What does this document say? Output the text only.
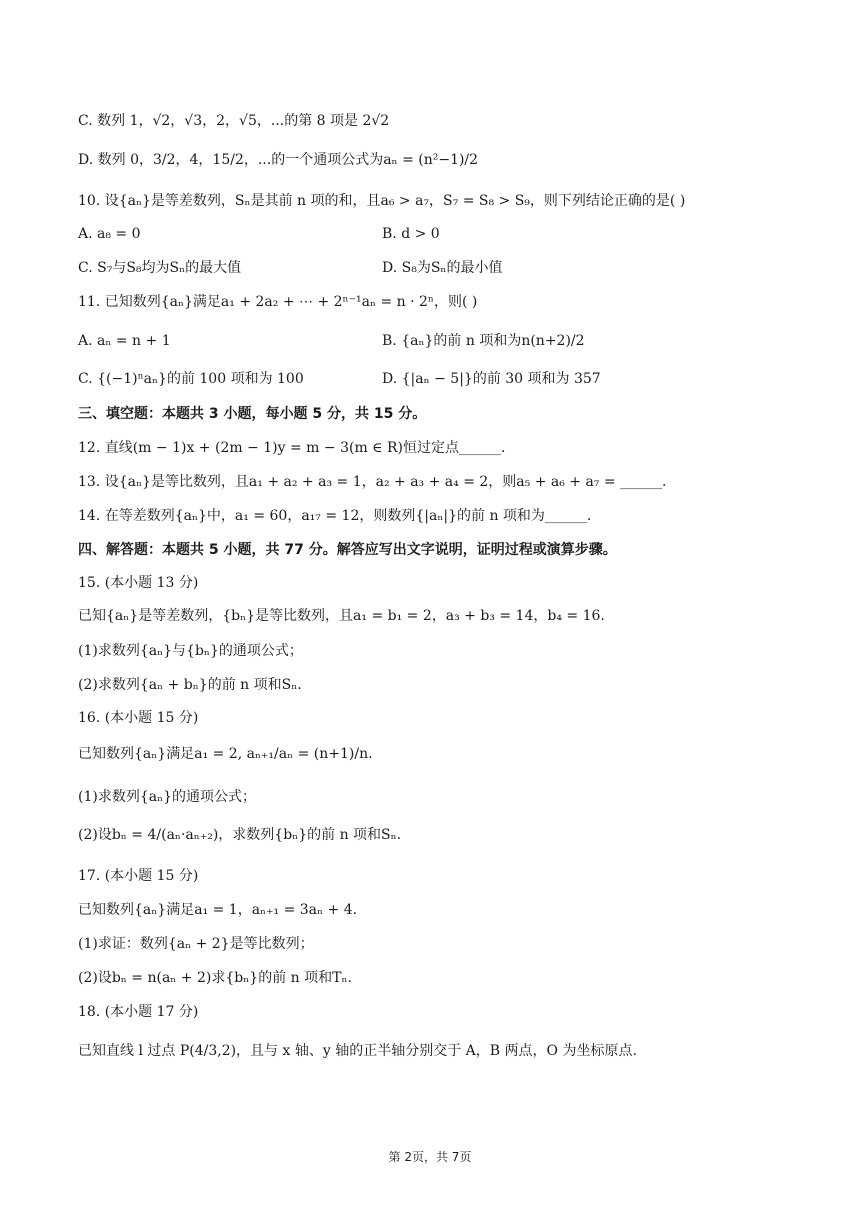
C. 数列 1，√2，√3，2，√5，...的第 8 项是 2√2
D. 数列 0，3/2，4，15/2，...的一个通项公式为aₙ = (n²−1)/2
10. 设{aₙ}是等差数列，Sₙ是其前 n 项的和，且a₆ > a₇，S₇ = S₈ > S₉，则下列结论正确的是( )
A. a₈ = 0	B. d > 0
C. S₇与S₈均为Sₙ的最大值	D. S₈为Sₙ的最小值
11. 已知数列{aₙ}满足a₁ + 2a₂ + ⋯ + 2ⁿ⁻¹aₙ = n · 2ⁿ，则( )
A. aₙ = n + 1	B. {aₙ}的前 n 项和为n(n+2)/2
C. {(−1)ⁿaₙ}的前 100 项和为 100	D. {|aₙ − 5|}的前 30 项和为 357
三、填空题：本题共 3 小题，每小题 5 分，共 15 分。
12. 直线(m − 1)x + (2m − 1)y = m − 3(m ∈ R)恒过定点______.
13. 设{aₙ}是等比数列，且a₁ + a₂ + a₃ = 1，a₂ + a₃ + a₄ = 2，则a₅ + a₆ + a₇ = ______.
14. 在等差数列{aₙ}中，a₁ = 60，a₁₇ = 12，则数列{|aₙ|}的前 n 项和为______.
四、解答题：本题共 5 小题，共 77 分。解答应写出文字说明，证明过程或演算步骤。
15. (本小题 13 分)
已知{aₙ}是等差数列，{bₙ}是等比数列，且a₁ = b₁ = 2，a₃ + b₃ = 14，b₄ = 16.
(1)求数列{aₙ}与{bₙ}的通项公式；
(2)求数列{aₙ + bₙ}的前 n 项和Sₙ.
16. (本小题 15 分)
已知数列{aₙ}满足a₁ = 2, aₙ₊₁/aₙ = (n+1)/n.
(1)求数列{aₙ}的通项公式；
(2)设bₙ = 4/(aₙ·aₙ₊₂)，求数列{bₙ}的前 n 项和Sₙ.
17. (本小题 15 分)
已知数列{aₙ}满足a₁ = 1，aₙ₊₁ = 3aₙ + 4.
(1)求证：数列{aₙ + 2}是等比数列；
(2)设bₙ = n(aₙ + 2)求{bₙ}的前 n 项和Tₙ.
18. (本小题 17 分)
已知直线 l 过点 P(4/3,2)，且与 x 轴、y 轴的正半轴分别交于 A，B 两点，O 为坐标原点.
第 2页，共 7页
